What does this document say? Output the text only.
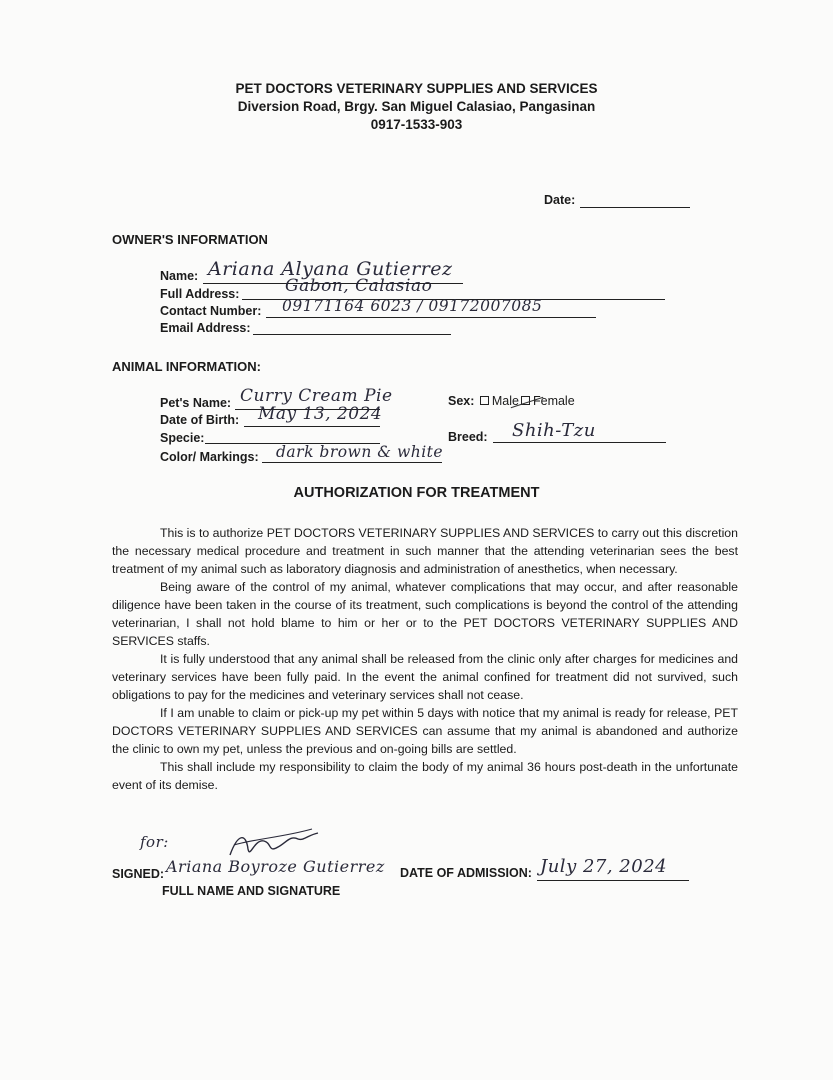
PET DOCTORS VETERINARY SUPPLIES AND SERVICES
Diversion Road, Brgy. San Miguel Calasiao, Pangasinan
0917-1533-903
Date:
OWNER'S INFORMATION
Name: Ariana Alyana Gutierrez
Full Address:	Gabon, Calasiao
Contact Number: 09171164 6023 / 09172007085
Email Address:
ANIMAL INFORMATION:
Pet's Name: Curry Cream Pie
Date of Birth: May 13, 2024
Specie:
Color/ Markings: dark brown & white
Sex: Male Female
Breed: Shih-Tzu
AUTHORIZATION FOR TREATMENT

This is to authorize PET DOCTORS VETERINARY SUPPLIES AND SERVICES to carry out this discretion the necessary medical procedure and treatment in such manner that the attending veterinarian sees the best treatment of my animal such as laboratory diagnosis and administration of anesthetics, when necessary.

Being aware of the control of my animal, whatever complications that may occur, and after reasonable diligence have been taken in the course of its treatment, such complications is beyond the control of the attending veterinarian, I shall not hold blame to him or her or to the PET DOCTORS VETERINARY SUPPLIES AND SERVICES staffs.

It is fully understood that any animal shall be released from the clinic only after charges for medicines and veterinary services have been fully paid. In the event the animal confined for treatment did not survived, such obligations to pay for the medicines and veterinary services shall not cease.

If I am unable to claim or pick-up my pet within 5 days with notice that my animal is ready for release, PET DOCTORS VETERINARY SUPPLIES AND SERVICES can assume that my animal is abandoned and authorize the clinic to own my pet, unless the previous and on-going bills are settled.

This shall include my responsibility to claim the body of my animal 36 hours post-death in the unfortunate event of its demise.

for:
SIGNED: Ariana Boyroze Gutierrez
FULL NAME AND SIGNATURE
DATE OF ADMISSION: July 27, 2024
